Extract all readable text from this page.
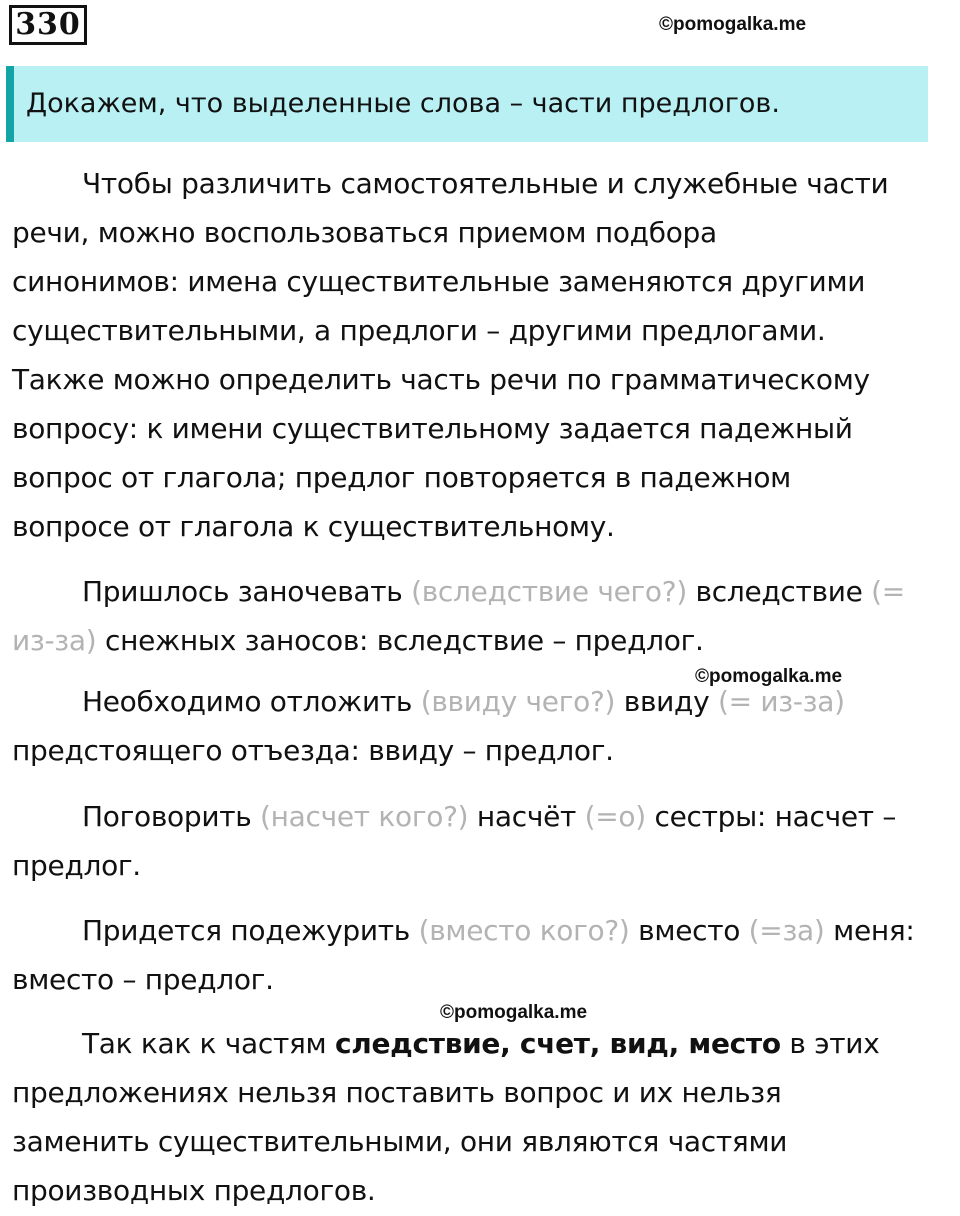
330	©pomogalka.me
Докажем, что выделенные слова – части предлогов.
Чтобы различить самостоятельные и служебные части
речи, можно воспользоваться приемом подбора
синонимов: имена существительные заменяются другими
существительными, а предлоги – другими предлогами.
Также можно определить часть речи по грамматическому
вопросу: к имени существительному задается падежный
вопрос от глагола; предлог повторяется в падежном
вопросе от глагола к существительному.
Пришлось заночевать (вследствие чего?) вследствие (=
из-за) снежных заносов: вследствие – предлог.
©pomogalka.me
Необходимо отложить (ввиду чего?) ввиду (= из-за)
предстоящего отъезда: ввиду – предлог.
Поговорить (насчет кого?) насчёт (=о) сестры: насчет –
предлог.
Придется подежурить (вместо кого?) вместо (=за) меня:
вместо – предлог.
©pomogalka.me
Так как к частям следствие, счет, вид, место в этих
предложениях нельзя поставить вопрос и их нельзя
заменить существительными, они являются частями
производных предлогов.
